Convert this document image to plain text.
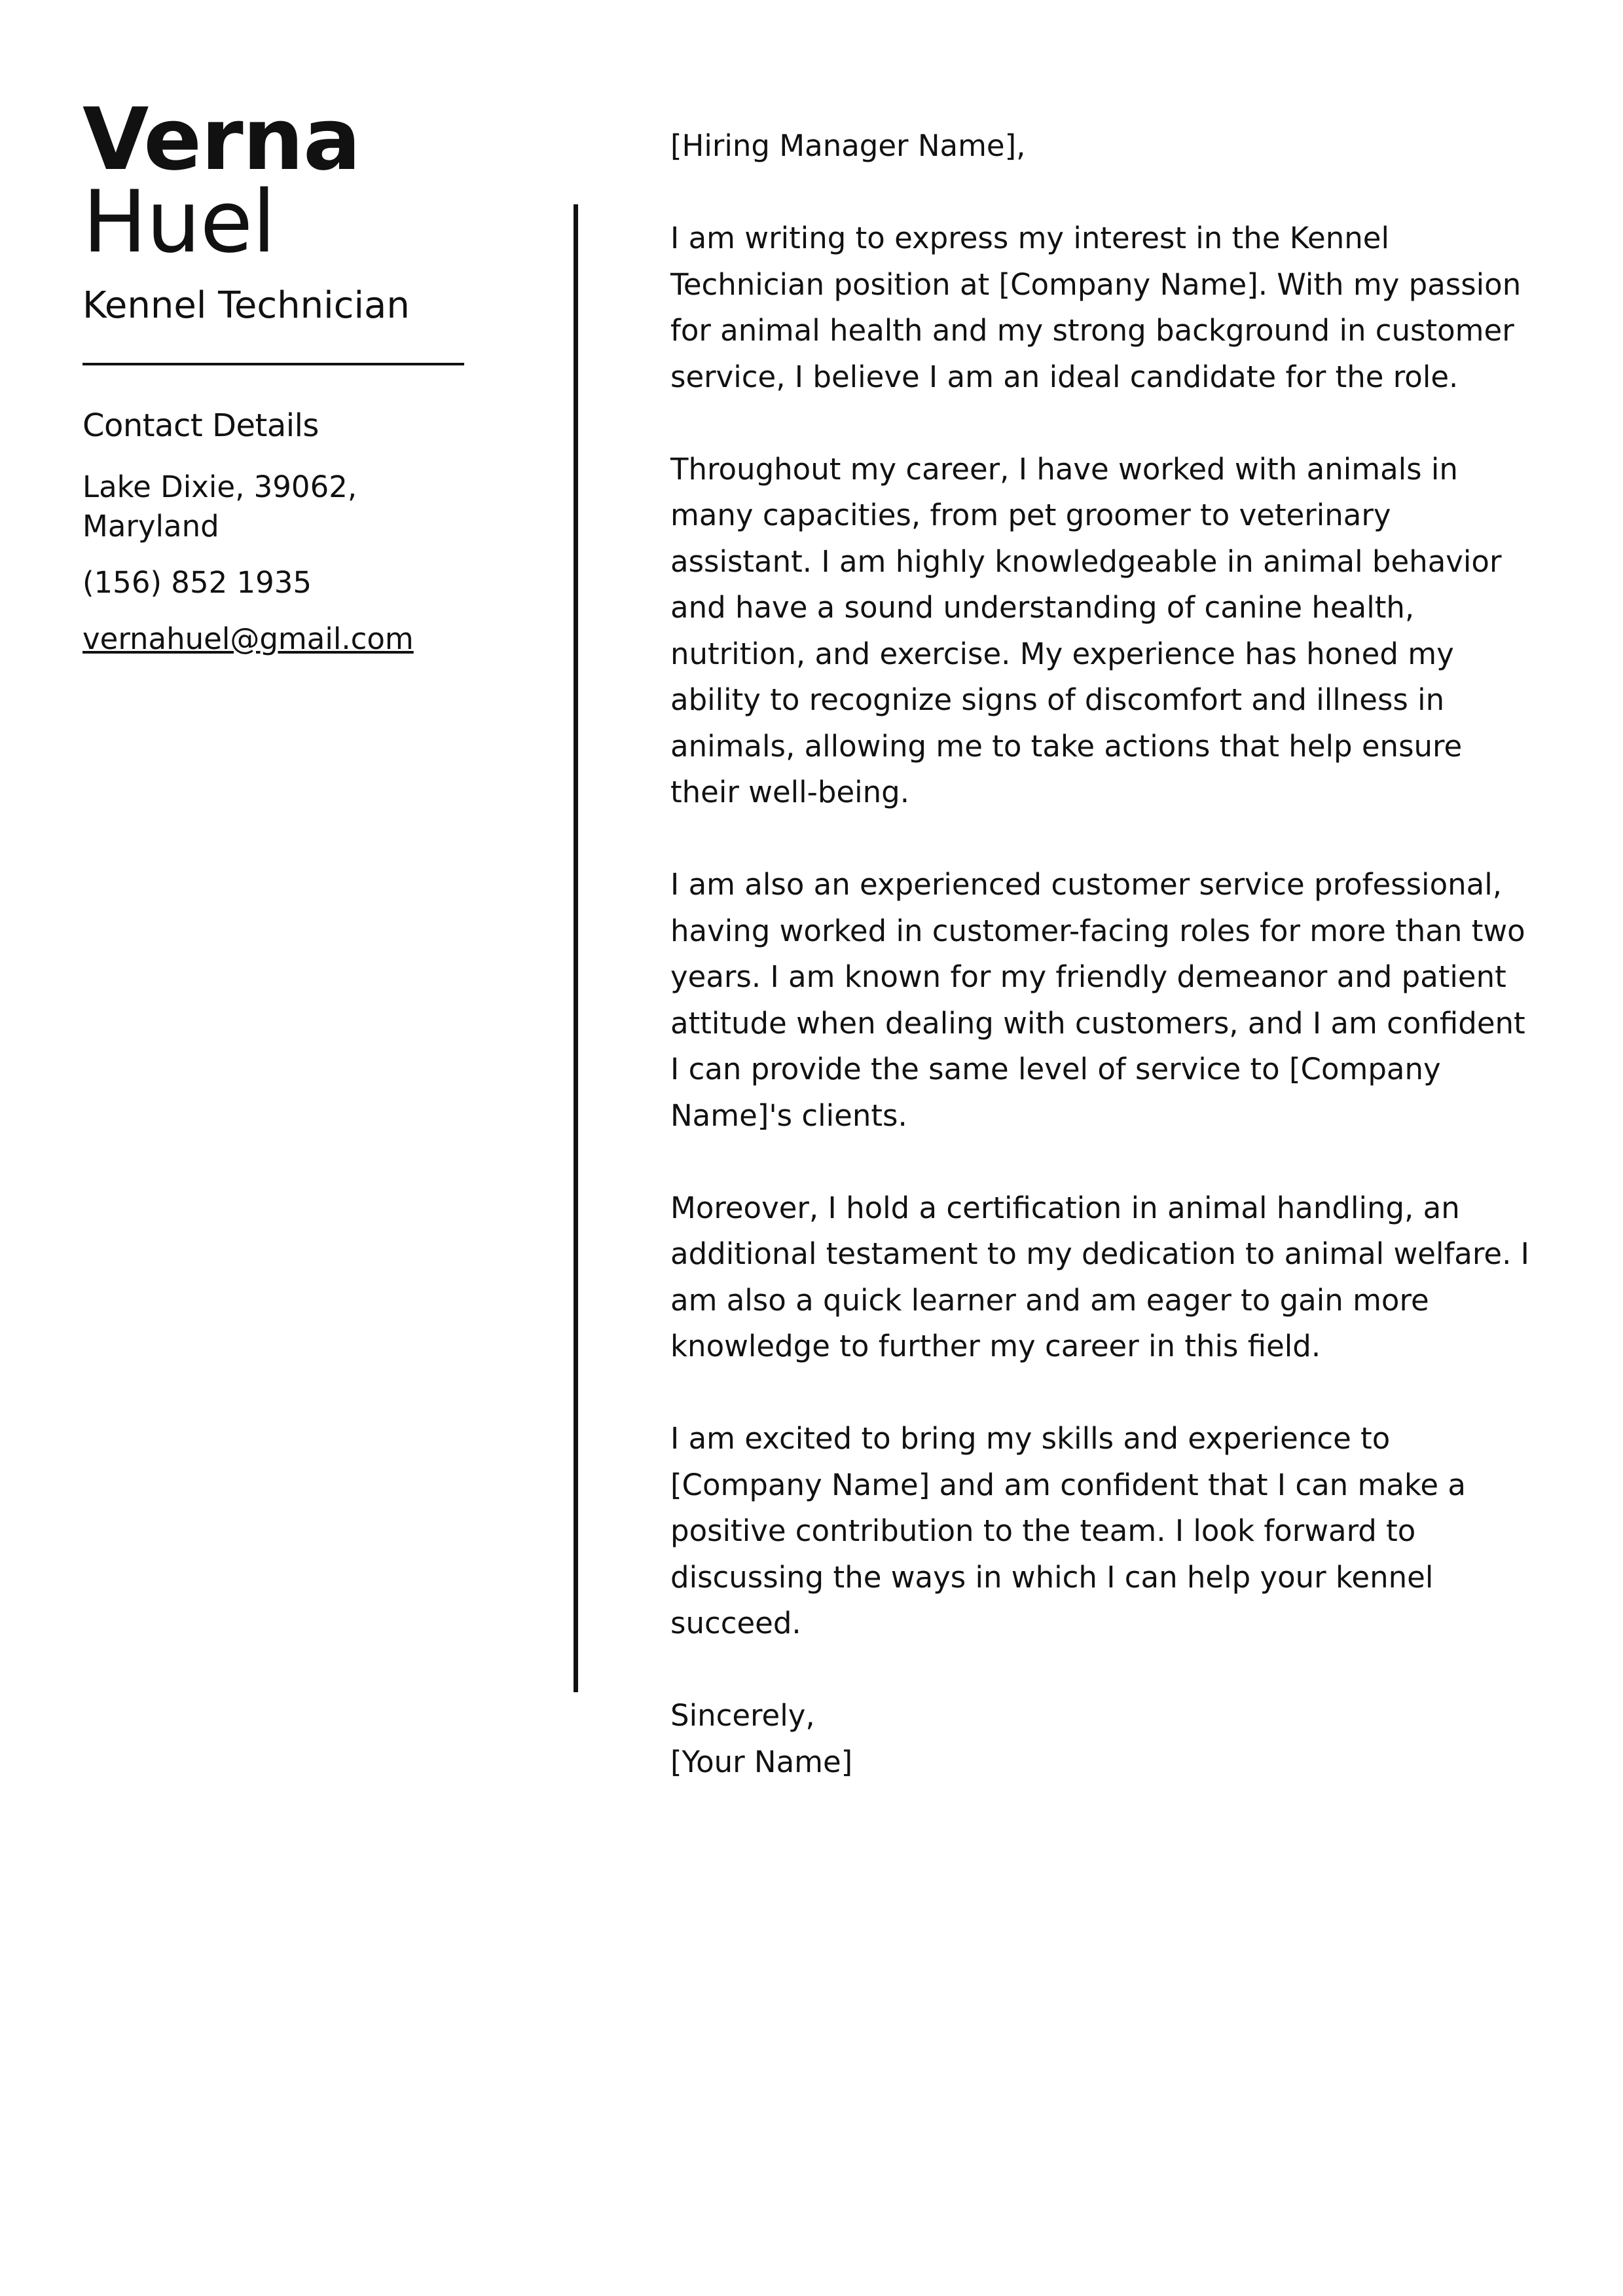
Verna
Huel
Kennel Technician
Contact Details
Lake Dixie, 39062, Maryland
(156) 852 1935
vernahuel@gmail.com

[Hiring Manager Name],

I am writing to express my interest in the Kennel Technician position at [Company Name]. With my passion for animal health and my strong background in customer service, I believe I am an ideal candidate for the role.

Throughout my career, I have worked with animals in many capacities, from pet groomer to veterinary assistant. I am highly knowledgeable in animal behavior and have a sound understanding of canine health, nutrition, and exercise. My experience has honed my ability to recognize signs of discomfort and illness in animals, allowing me to take actions that help ensure their well-being.

I am also an experienced customer service professional, having worked in customer-facing roles for more than two years. I am known for my friendly demeanor and patient attitude when dealing with customers, and I am confident I can provide the same level of service to [Company Name]'s clients.

Moreover, I hold a certification in animal handling, an additional testament to my dedication to animal welfare. I am also a quick learner and am eager to gain more knowledge to further my career in this field.

I am excited to bring my skills and experience to [Company Name] and am confident that I can make a positive contribution to the team. I look forward to discussing the ways in which I can help your kennel succeed.

Sincerely,

[Your Name]
